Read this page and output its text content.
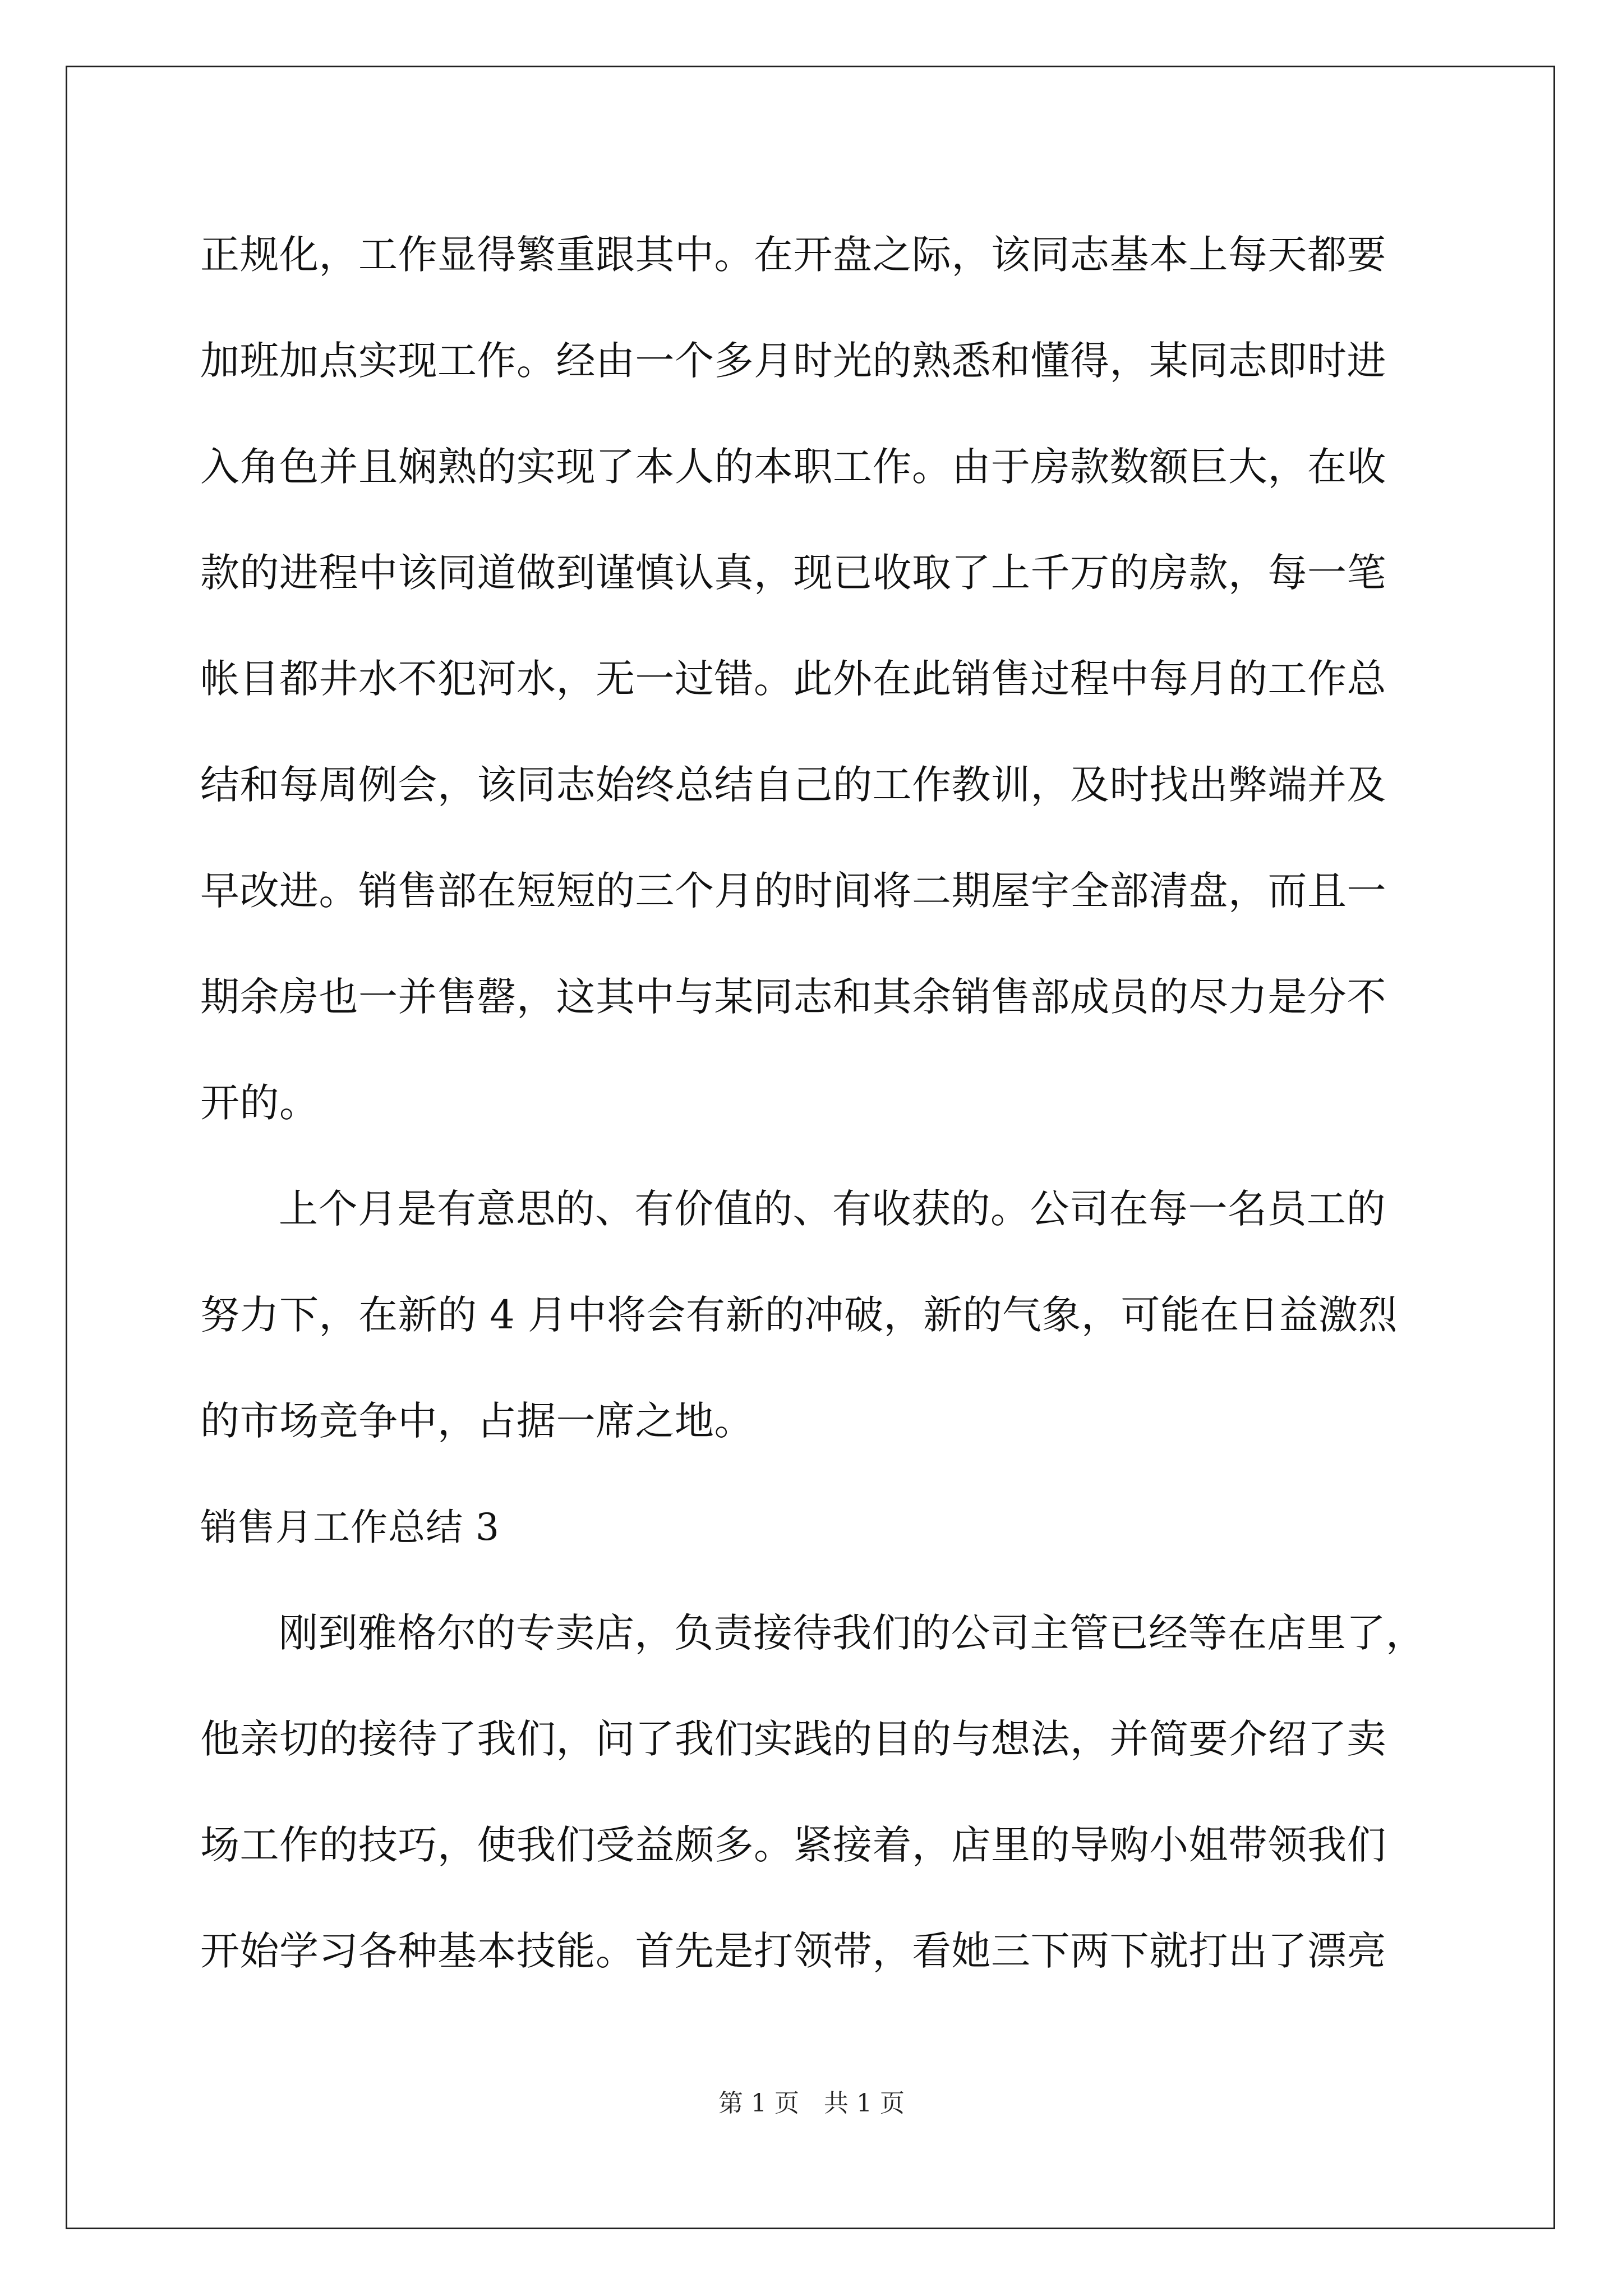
正规化，工作显得繁重跟其中。在开盘之际，该同志基本上每天都要
加班加点实现工作。经由一个多月时光的熟悉和懂得，某同志即时进
入角色并且娴熟的实现了本人的本职工作。由于房款数额巨大，在收
款的进程中该同道做到谨慎认真，现已收取了上千万的房款，每一笔
帐目都井水不犯河水，无一过错。此外在此销售过程中每月的工作总
结和每周例会，该同志始终总结自己的工作教训，及时找出弊端并及
早改进。销售部在短短的三个月的时间将二期屋宇全部清盘，而且一
期余房也一并售罄，这其中与某同志和其余销售部成员的尽力是分不
开的。
上个月是有意思的、有价值的、有收获的。公司在每一名员工的
努力下，在新的 4 月中将会有新的冲破，新的气象，可能在日益激烈
的市场竞争中，占据一席之地。
销售月工作总结 3
刚到雅格尔的专卖店，负责接待我们的公司主管已经等在店里了，
他亲切的接待了我们，问了我们实践的目的与想法，并简要介绍了卖
场工作的技巧，使我们受益颇多。紧接着，店里的导购小姐带领我们
开始学习各种基本技能。首先是打领带，看她三下两下就打出了漂亮
第 1 页　共 1 页
